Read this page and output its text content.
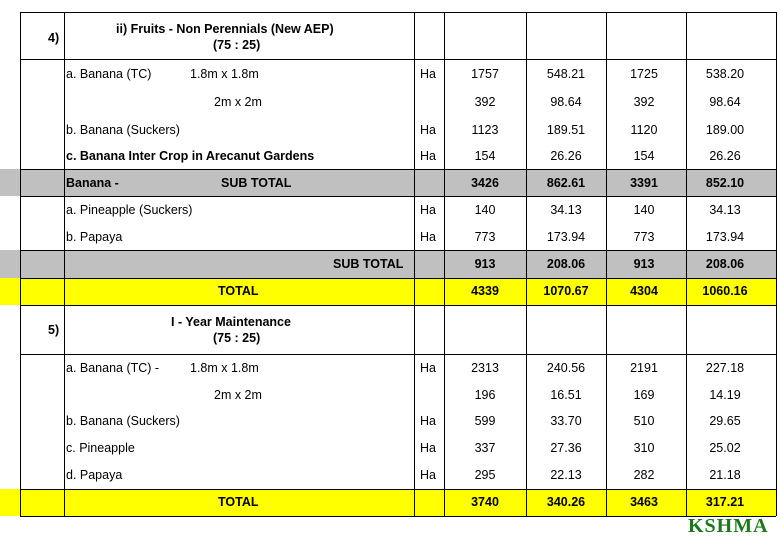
4)
ii) Fruits - Non Perennials (New AEP)
(75 : 25)
a. Banana (TC)	1.8m x 1.8m	Ha	1757	548.21	1725	538.20
2m x 2m	392	98.64	392	98.64
b. Banana (Suckers)	Ha	1123	189.51	1120	189.00
c. Banana Inter Crop in Arecanut Gardens	Ha	154	26.26	154	26.26
Banana -	SUB TOTAL	3426	862.61	3391	852.10
a. Pineapple (Suckers)	Ha	140	34.13	140	34.13
b. Papaya	Ha	773	173.94	773	173.94
SUB TOTAL	913	208.06	913	208.06
TOTAL	4339	1070.67	4304	1060.16
5)
I - Year Maintenance
(75 : 25)
a. Banana (TC) - 1.8m x 1.8m	Ha	2313	240.56	2191	227.18
2m x 2m	196	16.51	169	14.19
b. Banana (Suckers)	Ha	599	33.70	510	29.65
c. Pineapple	Ha	337	27.36	310	25.02
d. Papaya	Ha	295	22.13	282	21.18
TOTAL	3740	340.26	3463	317.21
KSHMA
